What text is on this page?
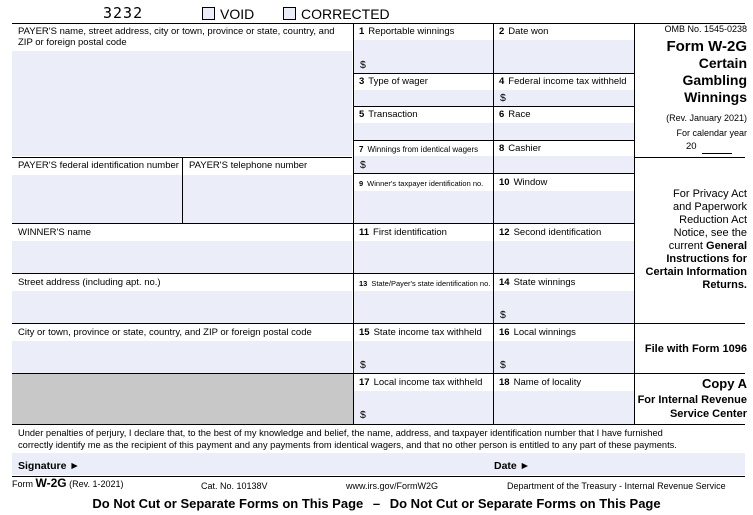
3232	VOID	CORRECTED
PAYER'S name, street address, city or town, province or state, country, and ZIP or foreign postal code
PAYER'S federal identification number PAYER'S telephone number
WINNER'S name
Street address (including apt. no.)
City or town, province or state, country, and ZIP or foreign postal code
1 Reportable winnings
$
2 Date won
3 Type of wager	4 Federal income tax withheld
$
5 Transaction	6 Race
7 Winnings from identical wagers
$
8 Cashier
9 Winner's taxpayer identification no. 10 Window
11 First identification	12 Second identification
13 State/Payer's state identification no. 14 State winnings
$
15 State income tax withheld
$
16 Local winnings
$
17 Local income tax withheld
$
18 Name of locality
OMB No. 1545-0238
Form W-2G
Certain
Gambling
Winnings
(Rev. January 2021)
For calendar year
20
For Privacy Act
and Paperwork
Reduction Act
Notice, see the
current General
Instructions for
Certain Information
Returns.
File with Form 1096
Copy A
For Internal Revenue
Service Center
Under penalties of perjury, I declare that, to the best of my knowledge and belief, the name, address, and taxpayer identification number that I have furnished
correctly identify me as the recipient of this payment and any payments from identical wagers, and that no other person is entitled to any part of these payments.
Signature ►	Date ►
Form W-2G (Rev. 1-2021)	Cat. No. 10138V	www.irs.gov/FormW2G	Department of the Treasury - Internal Revenue Service
Do Not Cut or Separate Forms on This Page – Do Not Cut or Separate Forms on This Page
